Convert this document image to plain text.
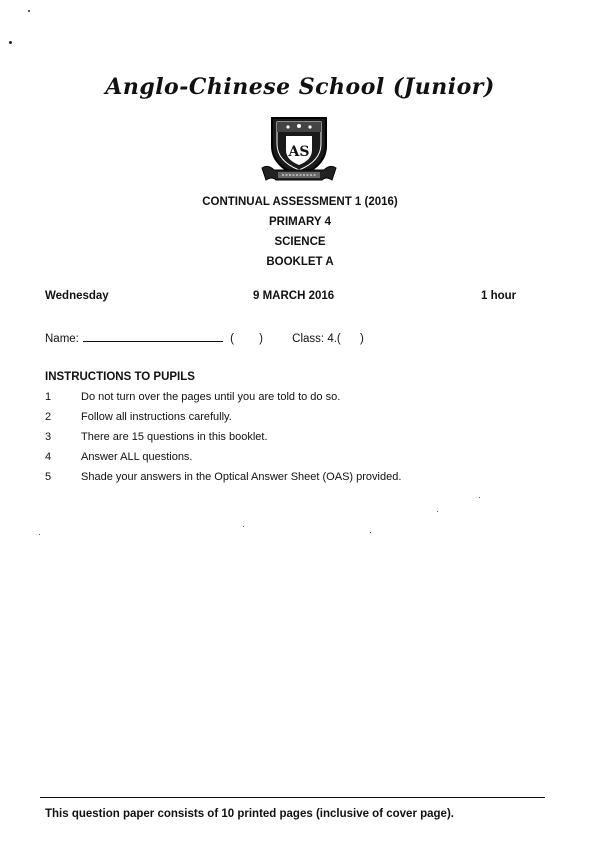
Anglo-Chinese School (Junior)
AS
CONTINUAL ASSESSMENT 1 (2016)
PRIMARY 4
SCIENCE
BOOKLET A
Wednesday	9 MARCH 2016	1 hour
Name:	( )	Class: 4.( )
INSTRUCTIONS TO PUPILS
1	Do not turn over the pages until you are told to do so.
2	Follow all instructions carefully.
3	There are 15 questions in this booklet.
4	Answer ALL questions.
5	Shade your answers in the Optical Answer Sheet (OAS) provided.
This question paper consists of 10 printed pages (inclusive of cover page).
